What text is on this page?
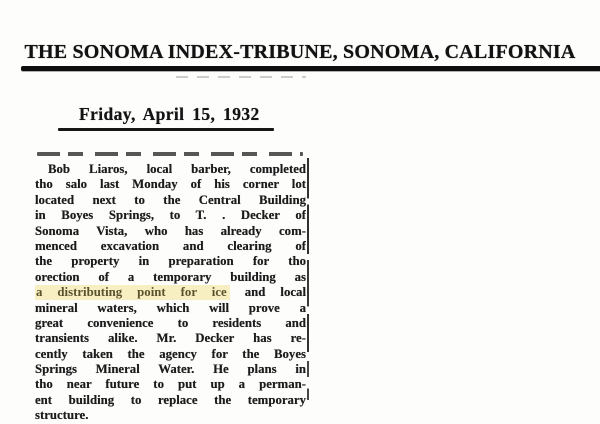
THE SONOMA INDEX-TRIBUNE, SONOMA, CALIFORNIA
Friday, April 15, 1932
Bob Liaros, local barber, completed
tho salo last Monday of his corner lot
located next to the Central Building
in Boyes Springs, to T. . Decker of
Sonoma Vista, who has already com-
menced excavation and clearing of
the property in preparation for tho
orection of a temporary building as
a distributing point for ice and local
mineral waters, which will prove a
great convenience to residents and
transients alike. Mr. Decker has re-
cently taken the agency for the Boyes
Springs Mineral Water. He plans in
tho near future to put up a perman-
ent building to replace the temporary
structure.
